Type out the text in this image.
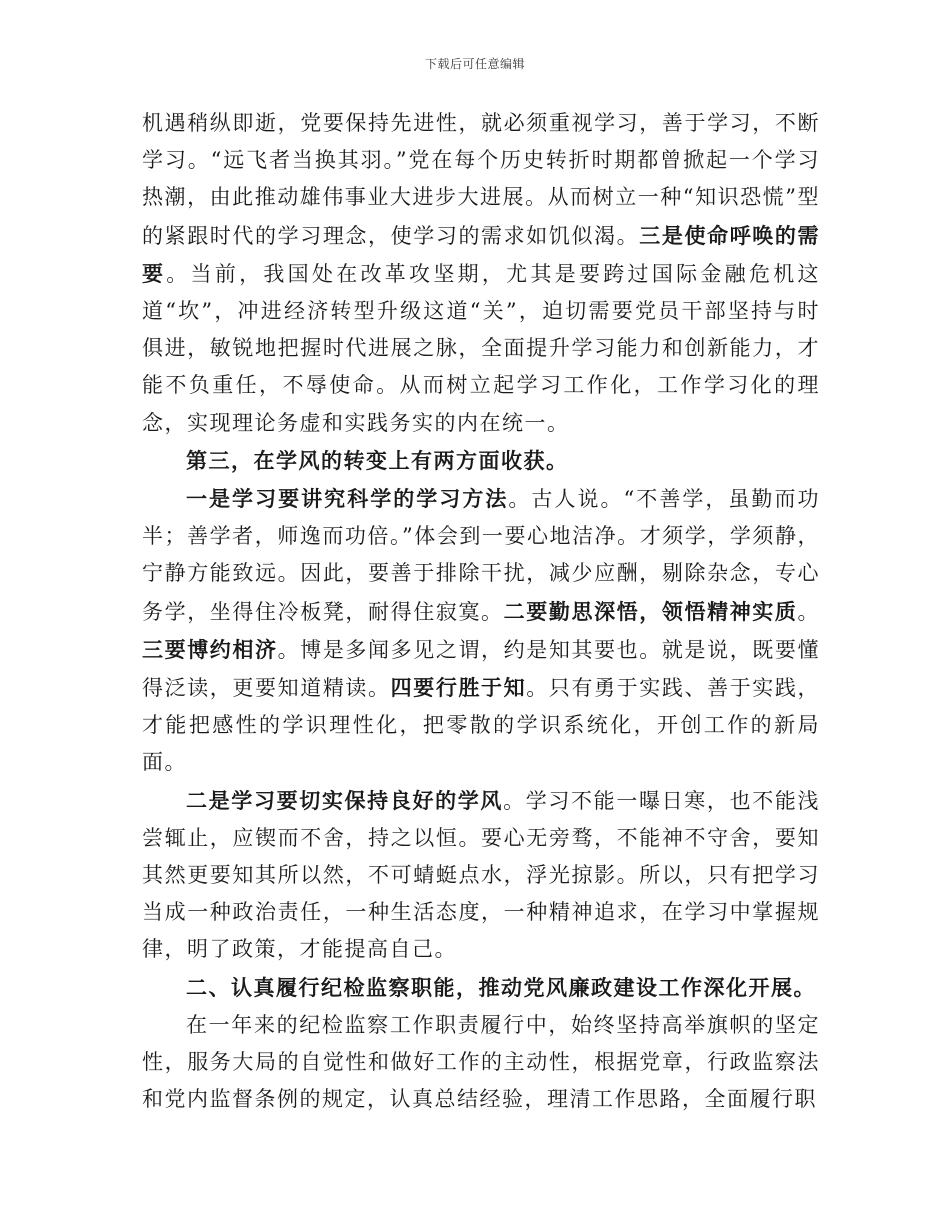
下载后可任意编辑

机遇稍纵即逝，党要保持先进性，就必须重视学习，善于学习，不断学习。“远飞者当换其羽。”党在每个历史转折时期都曾掀起一个学习热潮，由此推动雄伟事业大进步大进展。从而树立一种“知识恐慌”型的紧跟时代的学习理念，使学习的需求如饥似渴。三是使命呼唤的需要。当前，我国处在改革攻坚期，尤其是要跨过国际金融危机这道“坎”，冲进经济转型升级这道“关”，迫切需要党员干部坚持与时俱进，敏锐地把握时代进展之脉，全面提升学习能力和创新能力，才能不负重任，不辱使命。从而树立起学习工作化，工作学习化的理念，实现理论务虚和实践务实的内在统一。

第三，在学风的转变上有两方面收获。

一是学习要讲究科学的学习方法。古人说。“不善学，虽勤而功半；善学者，师逸而功倍。”体会到一要心地洁净。才须学，学须静，宁静方能致远。因此，要善于排除干扰，减少应酬，剔除杂念，专心务学，坐得住冷板凳，耐得住寂寞。二要勤思深悟，领悟精神实质。三要博约相济。博是多闻多见之谓，约是知其要也。就是说，既要懂得泛读，更要知道精读。四要行胜于知。只有勇于实践、善于实践，才能把感性的学识理性化，把零散的学识系统化，开创工作的新局面。

二是学习要切实保持良好的学风。学习不能一曝日寒，也不能浅尝辄止，应锲而不舍，持之以恒。要心无旁骛，不能神不守舍，要知其然更要知其所以然，不可蜻蜓点水，浮光掠影。所以，只有把学习当成一种政治责任，一种生活态度，一种精神追求，在学习中掌握规律，明了政策，才能提高自己。

二、认真履行纪检监察职能，推动党风廉政建设工作深化开展。

在一年来的纪检监察工作职责履行中，始终坚持高举旗帜的坚定性，服务大局的自觉性和做好工作的主动性，根据党章，行政监察法和党内监督条例的规定，认真总结经验，理清工作思路，全面履行职
